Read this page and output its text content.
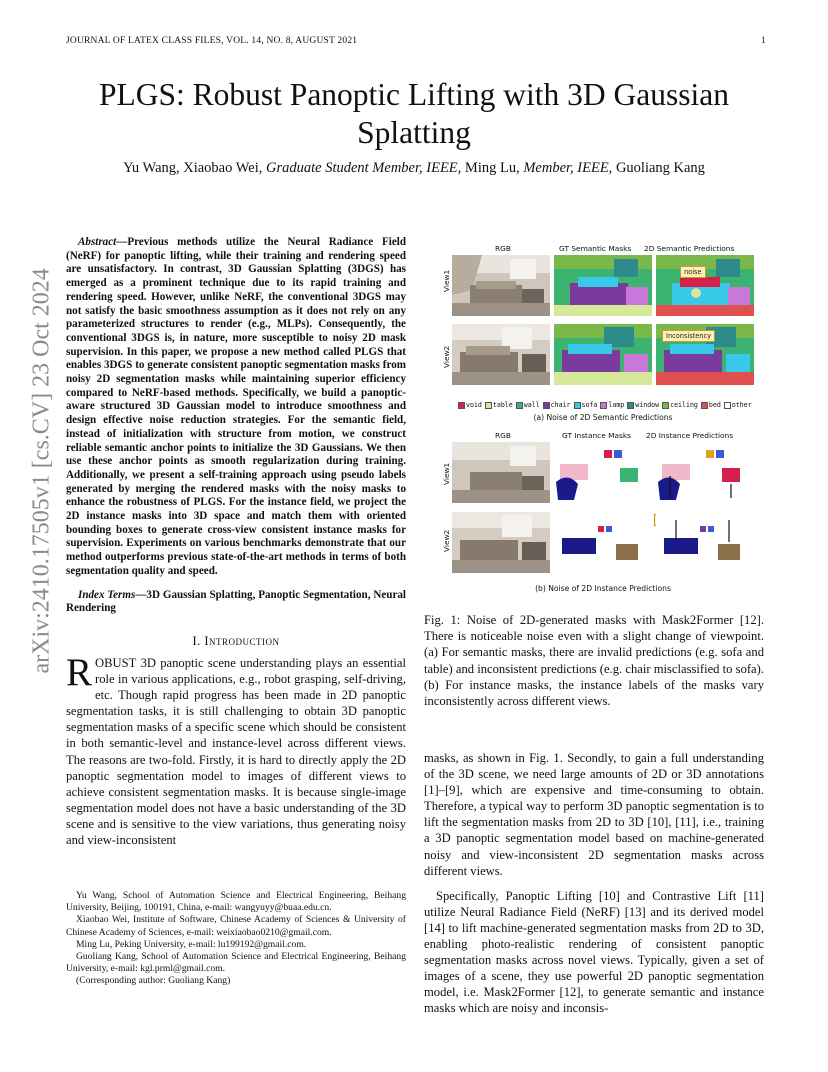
JOURNAL OF LATEX CLASS FILES, VOL. 14, NO. 8, AUGUST 2021	1
arXiv:2410.17505v1 [cs.CV] 23 Oct 2024
PLGS: Robust Panoptic Lifting with 3D Gaussian Splatting
Yu Wang, Xiaobao Wei, Graduate Student Member, IEEE, Ming Lu, Member, IEEE, Guoliang Kang

Abstract—Previous methods utilize the Neural Radiance Field (NeRF) for panoptic lifting, while their training and rendering speed are unsatisfactory. In contrast, 3D Gaussian Splatting (3DGS) has emerged as a prominent technique due to its rapid training and rendering speed. However, unlike NeRF, the conventional 3DGS may not satisfy the basic smoothness assumption as it does not rely on any parameterized structures to render (e.g., MLPs). Consequently, the conventional 3DGS is, in nature, more susceptible to noisy 2D mask supervision. In this paper, we propose a new method called PLGS that enables 3DGS to generate consistent panoptic segmentation masks from noisy 2D segmentation masks while maintaining superior efficiency compared to NeRF-based methods. Specifically, we build a panoptic-aware structured 3D Gaussian model to introduce smoothness and design effective noise reduction strategies. For the semantic field, instead of initialization with structure from motion, we construct reliable semantic anchor points to initialize the 3D Gaussians. We then use these anchor points as smooth regularization during training. Additionally, we present a self-training approach using pseudo labels generated by merging the rendered masks with the noisy masks to enhance the robustness of PLGS. For the instance field, we project the 2D instance masks into 3D space and match them with oriented bounding boxes to generate cross-view consistent instance masks for supervision. Experiments on various benchmarks demonstrate that our method outperforms previous state-of-the-art methods in terms of both segmentation quality and speed.

Index Terms—3D Gaussian Splatting, Panoptic Segmentation, Neural Rendering

I. Introduction

ROBUST 3D panoptic scene understanding plays an essential role in various applications, e.g., robot grasping, self-driving, etc. Though rapid progress has been made in 2D panoptic segmentation tasks, it is still challenging to obtain 3D panoptic segmentation masks of a specific scene which should be consistent in both semantic-level and instance-level across different views. The reasons are two-fold. Firstly, it is hard to directly apply the 2D panoptic segmentation model to images of different views to achieve consistent segmentation masks. It is because single-image segmentation model does not have a basic understanding of the 3D scene and is sensitive to the view variations, thus generating noisy and view-inconsistent

Yu Wang, School of Automation Science and Electrical Engineering, Beihang University, Beijing, 100191, China, e-mail: wangyuyy@buaa.edu.cn.

Xiaobao Wei, Institute of Software, Chinese Academy of Sciences & University of Chinese Academy of Sciences, e-mail: weixiaobao0210@gmail.com.

Ming Lu, Peking University, e-mail: lu199192@gmail.com.

Guoliang Kang, School of Automation Science and Electrical Engineering, Beihang University, e-mail: kgl.prml@gmail.com.

(Corresponding author: Guoliang Kang)

RGB	GT Semantic Masks 2D Semantic Predictions
View1
View2
noise
Inconsistency
void table wall chair sofa lamp window ceiling bed other
(a) Noise of 2D Semantic Predictions
RGB	GT Instance Masks 2D Instance Predictions
View1
View2
(b) Noise of 2D Instance Predictions

Fig. 1: Noise of 2D-generated masks with Mask2Former [12]. There is noticeable noise even with a slight change of viewpoint. (a) For semantic masks, there are invalid predictions (e.g. sofa and table) and inconsistent predictions (e.g. chair misclassified to sofa). (b) For instance masks, the instance labels of the masks vary inconsistently across different views.

masks, as shown in Fig. 1. Secondly, to gain a full understanding of the 3D scene, we need large amounts of 2D or 3D annotations [1]–[9], which are expensive and time-consuming to obtain. Therefore, a typical way to perform 3D panoptic segmentation is to lift the segmentation masks from 2D to 3D [10], [11], i.e., training a 3D panoptic segmentation model based on machine-generated noisy and view-inconsistent 2D segmentation masks across different views.

Specifically, Panoptic Lifting [10] and Contrastive Lift [11] utilize Neural Radiance Field (NeRF) [13] and its derived model [14] to lift machine-generated segmentation masks from 2D to 3D, enabling photo-realistic rendering of consistent panoptic segmentation masks across novel views. Typically, given a set of images of a scene, they use powerful 2D panoptic segmentation model, i.e. Mask2Former [12], to generate semantic and instance masks which are noisy and inconsis-
